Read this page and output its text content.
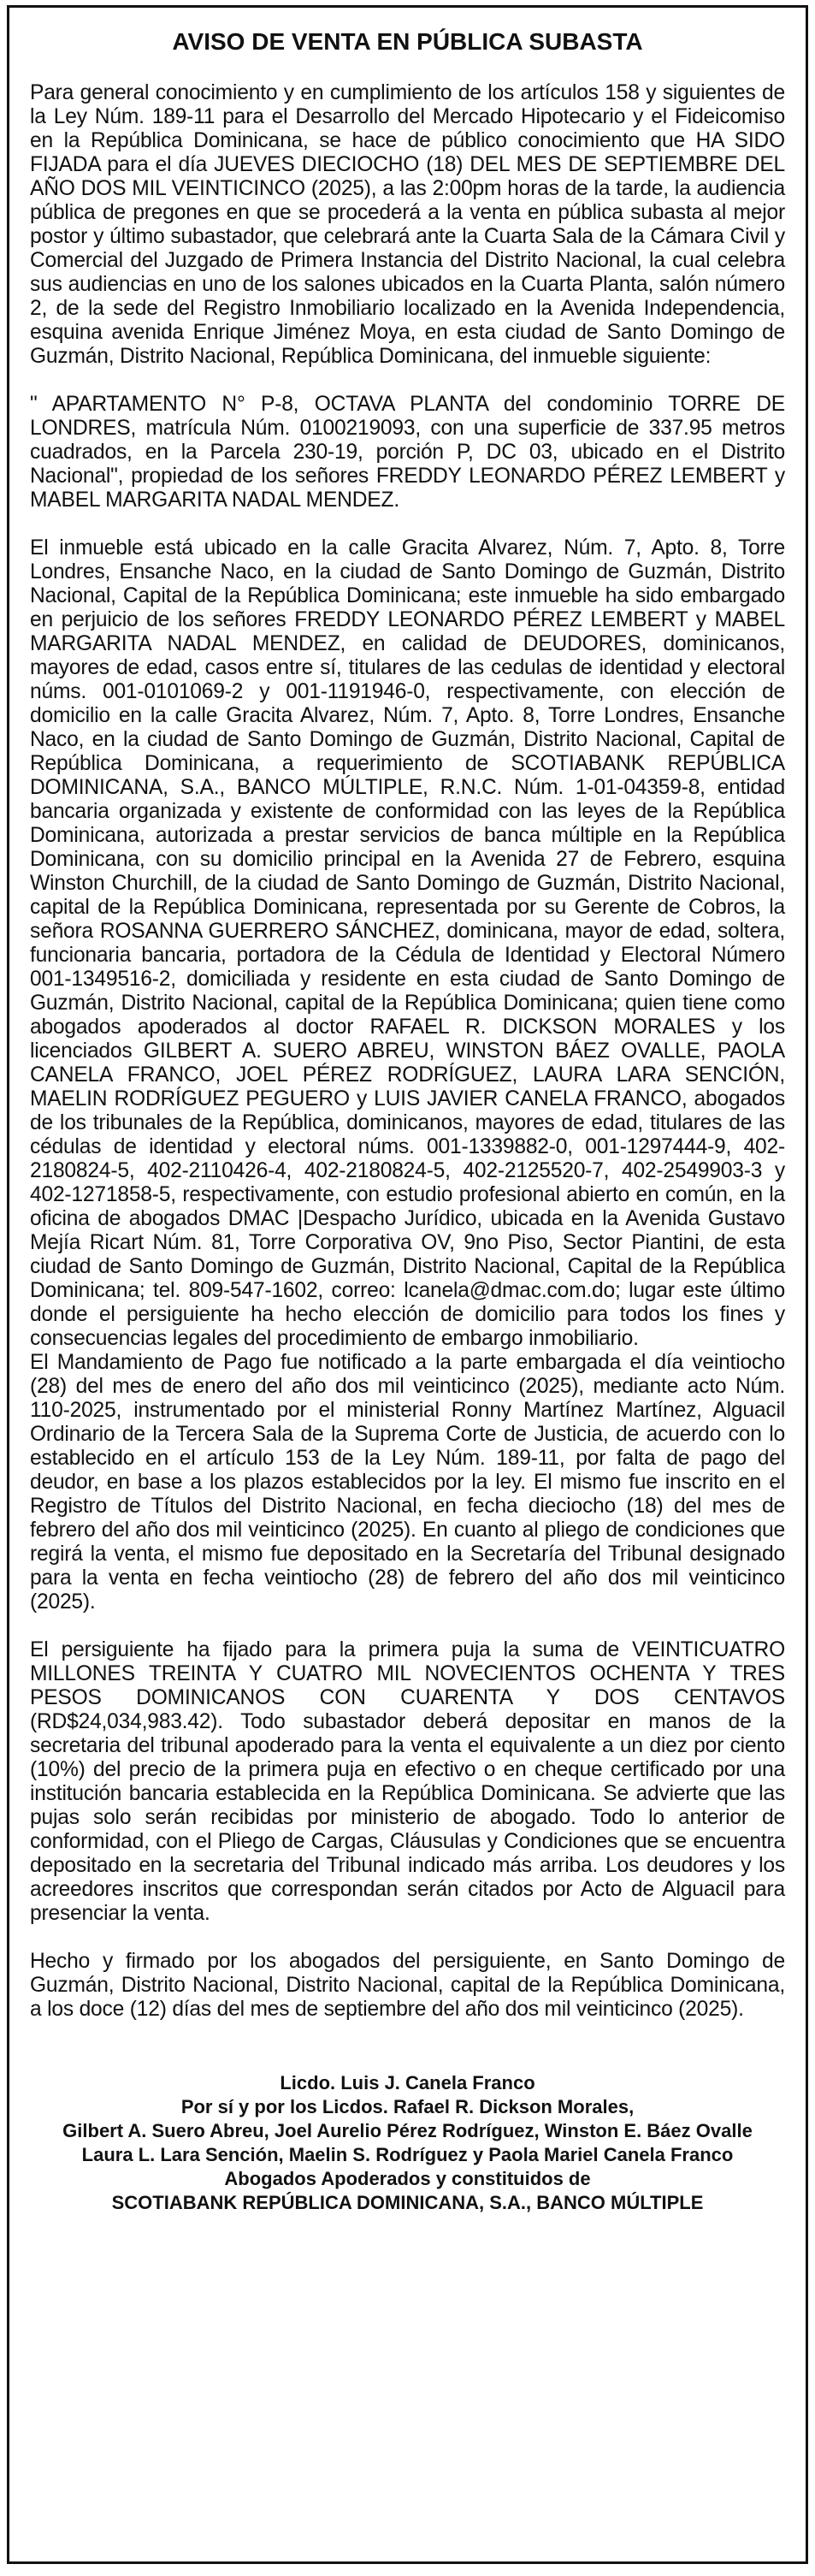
AVISO DE VENTA EN PÚBLICA SUBASTA

Para general conocimiento y en cumplimiento de los artículos 158 y siguientes de la Ley Núm. 189-11 para el Desarrollo del Mercado Hipotecario y el Fideicomiso en la República Dominicana, se hace de público conocimiento que HA SIDO FIJADA para el día JUEVES DIECIOCHO (18) DEL MES DE SEPTIEMBRE DEL AÑO DOS MIL VEINTICINCO (2025), a las 2:00pm horas de la tarde, la audiencia pública de pregones en que se procederá a la venta en pública subasta al mejor postor y último subastador, que celebrará ante la Cuarta Sala de la Cámara Civil y Comercial del Juzgado de Primera Instancia del Distrito Nacional, la cual celebra sus audiencias en uno de los salones ubicados en la Cuarta Planta, salón número 2, de la sede del Registro Inmobiliario localizado en la Avenida Independencia, esquina avenida Enrique Jiménez Moya, en esta ciudad de Santo Domingo de Guzmán, Distrito Nacional, República Dominicana, del inmueble siguiente:

" APARTAMENTO N° P-8, OCTAVA PLANTA del condominio TORRE DE LONDRES, matrícula Núm. 0100219093, con una superficie de 337.95 metros cuadrados, en la Parcela 230-19, porción P, DC 03, ubicado en el Distrito Nacional", propiedad de los señores FREDDY LEONARDO PÉREZ LEMBERT y MABEL MARGARITA NADAL MENDEZ.

El inmueble está ubicado en la calle Gracita Alvarez, Núm. 7, Apto. 8, Torre Londres, Ensanche Naco, en la ciudad de Santo Domingo de Guzmán, Distrito Nacional, Capital de la República Dominicana; este inmueble ha sido embargado en perjuicio de los señores FREDDY LEONARDO PÉREZ LEMBERT y MABEL MARGARITA NADAL MENDEZ, en calidad de DEUDORES, dominicanos, mayores de edad, casos entre sí, titulares de las cedulas de identidad y electoral núms. 001-0101069-2 y 001-1191946-0, respectivamente, con elección de domicilio en la calle Gracita Alvarez, Núm. 7, Apto. 8, Torre Londres, Ensanche Naco, en la ciudad de Santo Domingo de Guzmán, Distrito Nacional, Capital de República Dominicana, a requerimiento de SCOTIABANK REPÚBLICA DOMINICANA, S.A., BANCO MÚLTIPLE, R.N.C. Núm. 1-01-04359-8, entidad bancaria organizada y existente de conformidad con las leyes de la República Dominicana, autorizada a prestar servicios de banca múltiple en la República Dominicana, con su domicilio principal en la Avenida 27 de Febrero, esquina Winston Churchill, de la ciudad de Santo Domingo de Guzmán, Distrito Nacional, capital de la República Dominicana, representada por su Gerente de Cobros, la señora ROSANNA GUERRERO SÁNCHEZ, dominicana, mayor de edad, soltera, funcionaria bancaria, portadora de la Cédula de Identidad y Electoral Número 001-1349516-2, domiciliada y residente en esta ciudad de Santo Domingo de Guzmán, Distrito Nacional, capital de la República Dominicana; quien tiene como abogados apoderados al doctor RAFAEL R. DICKSON MORALES y los licenciados GILBERT A. SUERO ABREU, WINSTON BÁEZ OVALLE, PAOLA CANELA FRANCO, JOEL PÉREZ RODRÍGUEZ, LAURA LARA SENCIÓN, MAELIN RODRÍGUEZ PEGUERO y LUIS JAVIER CANELA FRANCO, abogados de los tribunales de la República, dominicanos, mayores de edad, titulares de las cédulas de identidad y electoral núms. 001-1339882-0, 001-1297444-9, 402-2180824-5, 402-2110426-4, 402-2180824-5, 402-2125520-7, 402-2549903-3 y 402-1271858-5, respectivamente, con estudio profesional abierto en común, en la oficina de abogados DMAC |Despacho Jurídico, ubicada en la Avenida Gustavo Mejía Ricart Núm. 81, Torre Corporativa OV, 9no Piso, Sector Piantini, de esta ciudad de Santo Domingo de Guzmán, Distrito Nacional, Capital de la República Dominicana; tel. 809-547-1602, correo: lcanela@dmac.com.do; lugar este último donde el persiguiente ha hecho elección de domicilio para todos los fines y consecuencias legales del procedimiento de embargo inmobiliario.

El Mandamiento de Pago fue notificado a la parte embargada el día veintiocho (28) del mes de enero del año dos mil veinticinco (2025), mediante acto Núm. 110-2025, instrumentado por el ministerial Ronny Martínez Martínez, Alguacil Ordinario de la Tercera Sala de la Suprema Corte de Justicia, de acuerdo con lo establecido en el artículo 153 de la Ley Núm. 189-11, por falta de pago del deudor, en base a los plazos establecidos por la ley. El mismo fue inscrito en el Registro de Títulos del Distrito Nacional, en fecha dieciocho (18) del mes de febrero del año dos mil veinticinco (2025). En cuanto al pliego de condiciones que regirá la venta, el mismo fue depositado en la Secretaría del Tribunal designado para la venta en fecha veintiocho (28) de febrero del año dos mil veinticinco (2025).

El persiguiente ha fijado para la primera puja la suma de VEINTICUATRO MILLONES TREINTA Y CUATRO MIL NOVECIENTOS OCHENTA Y TRES PESOS DOMINICANOS CON CUARENTA Y DOS CENTAVOS (RD$24,034,983.42). Todo subastador deberá depositar en manos de la secretaria del tribunal apoderado para la venta el equivalente a un diez por ciento (10%) del precio de la primera puja en efectivo o en cheque certificado por una institución bancaria establecida en la República Dominicana. Se advierte que las pujas solo serán recibidas por ministerio de abogado. Todo lo anterior de conformidad, con el Pliego de Cargas, Cláusulas y Condiciones que se encuentra depositado en la secretaria del Tribunal indicado más arriba. Los deudores y los acreedores inscritos que correspondan serán citados por Acto de Alguacil para presenciar la venta.

Hecho y firmado por los abogados del persiguiente, en Santo Domingo de Guzmán, Distrito Nacional, Distrito Nacional, capital de la República Dominicana, a los doce (12) días del mes de septiembre del año dos mil veinticinco (2025).

Licdo. Luis J. Canela Franco
Por sí y por los Licdos. Rafael R. Dickson Morales,
Gilbert A. Suero Abreu, Joel Aurelio Pérez Rodríguez, Winston E. Báez Ovalle
Laura L. Lara Sención, Maelin S. Rodríguez y Paola Mariel Canela Franco
Abogados Apoderados y constituidos de
SCOTIABANK REPÚBLICA DOMINICANA, S.A., BANCO MÚLTIPLE
